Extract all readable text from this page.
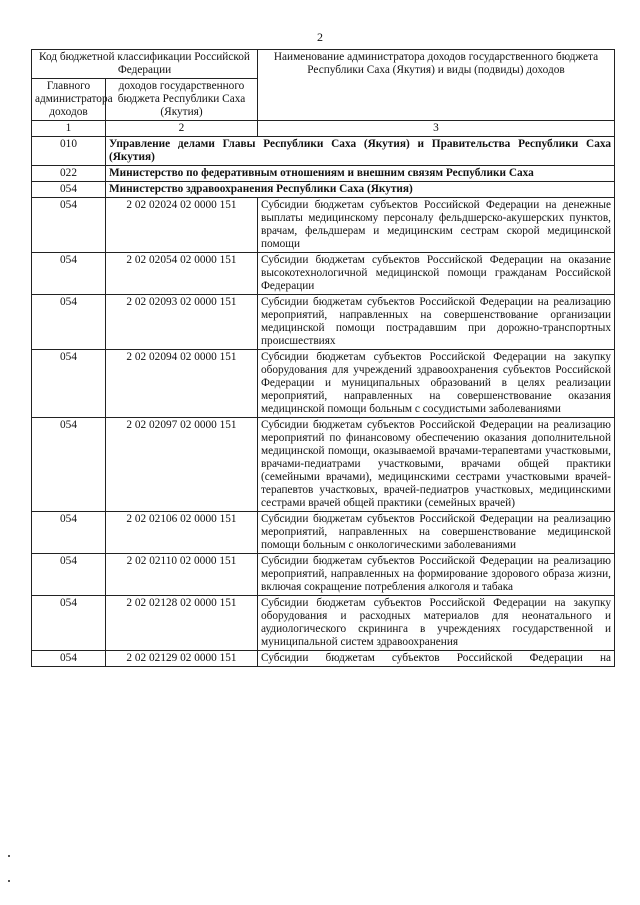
2
Код бюджетной классификации Российской Федерации		Наименование администратора доходов государственного бюджета Республики Саха (Якутия) и виды (подвиды) доходов
Главного администратора доходов	доходов государственного бюджета Республики Саха (Якутия)	
1	2	3
010	Управление делами Главы Республики Саха (Якутия) и Правительства Республики Саха (Якутия)	
022	Министерство по федеративным отношениям и внешним связям Республики Саха	
054	Министерство здравоохранения Республики Саха (Якутия)	
054	2 02 02024 02 0000 151	Субсидии бюджетам субъектов Российской Федерации на денежные выплаты медицинскому персоналу фельдшерско-акушерских пунктов, врачам, фельдшерам и медицинским сестрам скорой медицинской помощи
054	2 02 02054 02 0000 151	Субсидии бюджетам субъектов Российской Федерации на оказание высокотехнологичной медицинской помощи гражданам Российской Федерации
054	2 02 02093 02 0000 151	Субсидии бюджетам субъектов Российской Федерации на реализацию мероприятий, направленных на совершенствование организации медицинской помощи пострадавшим при дорожно-транспортных происшествиях
054	2 02 02094 02 0000 151	Субсидии бюджетам субъектов Российской Федерации на закупку оборудования для учреждений здравоохранения субъектов Российской Федерации и муниципальных образований в целях реализации мероприятий, направленных на совершенствование оказания медицинской помощи больным с сосудистыми заболеваниями
054	2 02 02097 02 0000 151	Субсидии бюджетам субъектов Российской Федерации на реализацию мероприятий по финансовому обеспечению оказания дополнительной медицинской помощи, оказываемой врачами-терапевтами участковыми, врачами-педиатрами участковыми, врачами общей практики (семейными врачами), медицинскими сестрами участковыми врачей-терапевтов участковых, врачей-педиатров участковых, медицинскими сестрами врачей общей практики (семейных врачей)
054	2 02 02106 02 0000 151	Субсидии бюджетам субъектов Российской Федерации на реализацию мероприятий, направленных на совершенствование медицинской помощи больным с онкологическими заболеваниями
054	2 02 02110 02 0000 151	Субсидии бюджетам субъектов Российской Федерации на реализацию мероприятий, направленных на формирование здорового образа жизни, включая сокращение потребления алкоголя и табака
054	2 02 02128 02 0000 151	Субсидии бюджетам субъектов Российской Федерации на закупку оборудования и расходных материалов для неонатального и аудиологического скрининга в учреждениях государственной и муниципальной систем здравоохранения
054	2 02 02129 02 0000 151	Субсидии бюджетам субъектов Российской Федерации на
